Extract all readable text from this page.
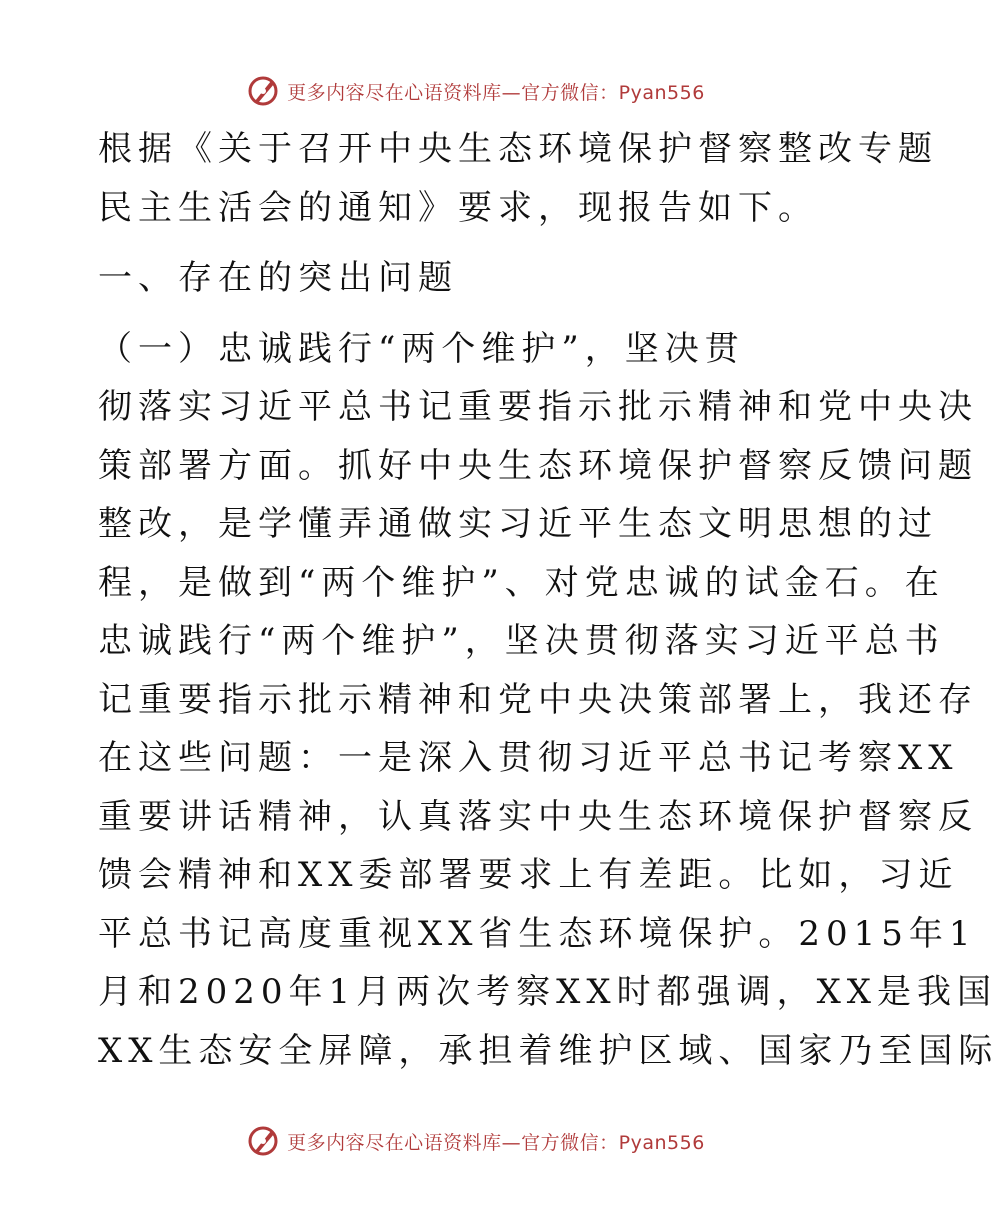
更多内容尽在心语资料库—官方微信：Pyan556
根据《关于召开中央生态环境保护督察整改专题
民主生活会的通知》要求，现报告如下。
一、存在的突出问题
（一）忠诚践行“两个维护”，坚决贯
彻落实习近平总书记重要指示批示精神和党中央决
策部署方面。抓好中央生态环境保护督察反馈问题
整改，是学懂弄通做实习近平生态文明思想的过
程，是做到“两个维护”、对党忠诚的试金石。在
忠诚践行“两个维护”，坚决贯彻落实习近平总书
记重要指示批示精神和党中央决策部署上，我还存
在这些问题：一是深入贯彻习近平总书记考察XX
重要讲话精神，认真落实中央生态环境保护督察反
馈会精神和XX委部署要求上有差距。比如，习近
平总书记高度重视XX省生态环境保护。2015年1
月和2020年1月两次考察XX时都强调，XX是我国
XX生态安全屏障，承担着维护区域、国家乃至国际
更多内容尽在心语资料库—官方微信：Pyan556
